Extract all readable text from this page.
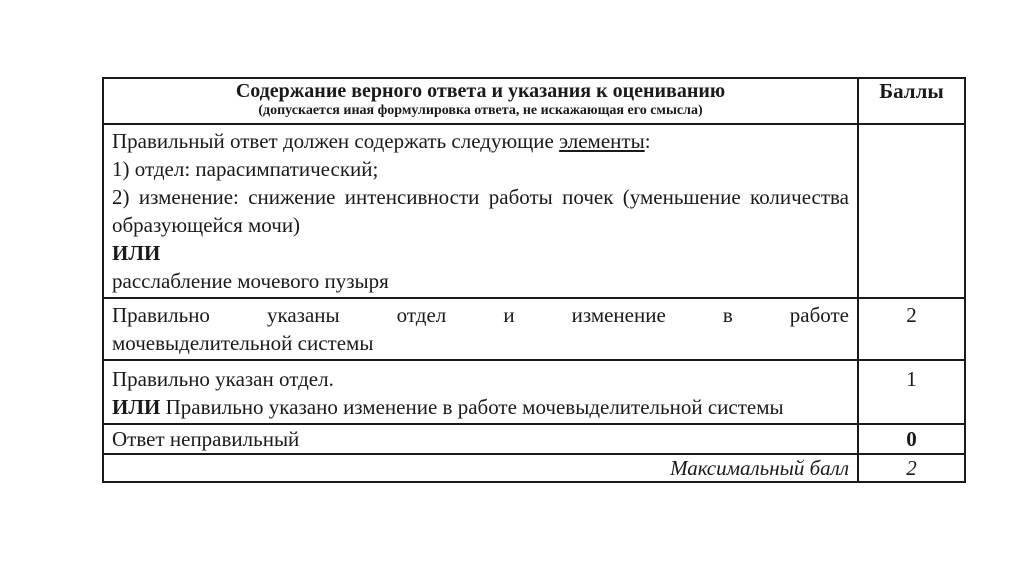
Содержание верного ответа и указания к оцениванию
(допускается иная формулировка ответа, не искажающая его смысла)	Баллы

Правильный ответ должен содержать следующие элементы:
1) отдел: парасимпатический;
2) изменение: снижение интенсивности работы почек (уменьшение количества образующейся мочи)
ИЛИ
расслабление мочевого пузыря	

Правильно указаны отдел и изменение в работе
мочевыделительной системы	2

Правильно указан отдел.
ИЛИ Правильно указано изменение в работе мочевыделительной системы	1
Ответ неправильный	0
Максимальный балл	2
